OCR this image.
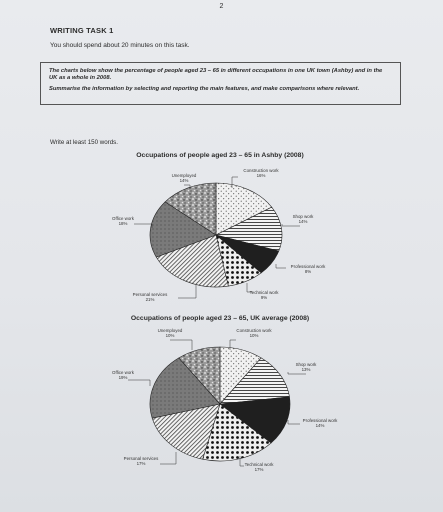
2
WRITING TASK 1
You should spend about 20 minutes on this task.

The charts below show the percentage of people aged 23 – 65 in different occupations in one UK town (Ashby) and in the UK as a whole in 2008.

Summarise the information by selecting and reporting the main features, and make comparisons where relevant.

Write at least 150 words.
Occupations of people aged 23 – 65 in Ashby (2008)
Occupations of people aged 23 – 65, UK average (2008)
Unemployed
14%
Construction work
16%
Shop work
14%
Professional work
8%
Technical work
9%
Personal services
21%
Office work
18%
Unemployed
10%
Construction work
10%
Shop work
13%
Professional work
14%
Technical work
17%
Personal services
17%
Office work
19%
